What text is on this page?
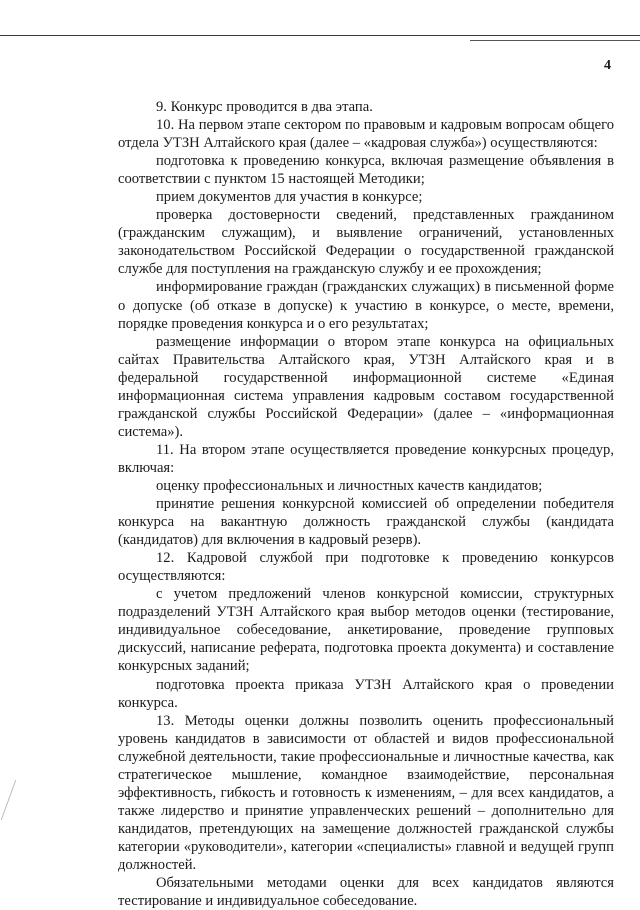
4

9. Конкурс проводится в два этапа.

10. На первом этапе сектором по правовым и кадровым вопросам общего отдела УТЗН Алтайского края (далее – «кадровая служба») осуществляются:

подготовка к проведению конкурса, включая размещение объявления в соответствии с пунктом 15 настоящей Методики;

прием документов для участия в конкурсе;

проверка достоверности сведений, представленных гражданином (гражданским служащим), и выявление ограничений, установленных законодательством Российской Федерации о государственной гражданской службе для поступления на гражданскую службу и ее прохождения;

информирование граждан (гражданских служащих) в письменной форме о допуске (об отказе в допуске) к участию в конкурсе, о месте, времени, порядке проведения конкурса и о его результатах;

размещение информации о втором этапе конкурса на официальных сайтах Правительства Алтайского края, УТЗН Алтайского края и в федеральной государственной информационной системе «Единая информационная система управления кадровым составом государственной гражданской службы Российской Федерации» (далее – «информационная система»).

11. На втором этапе осуществляется проведение конкурсных процедур, включая:

оценку профессиональных и личностных качеств кандидатов;

принятие решения конкурсной комиссией об определении победителя конкурса на вакантную должность гражданской службы (кандидата (кандидатов) для включения в кадровый резерв).

12. Кадровой службой при подготовке к проведению конкурсов осуществляются:

с учетом предложений членов конкурсной комиссии, структурных подразделений УТЗН Алтайского края выбор методов оценки (тестирование, индивидуальное собеседование, анкетирование, проведение групповых дискуссий, написание реферата, подготовка проекта документа) и составление конкурсных заданий;

подготовка проекта приказа УТЗН Алтайского края о проведении конкурса.

13. Методы оценки должны позволить оценить профессиональный уровень кандидатов в зависимости от областей и видов профессиональной служебной деятельности, такие профессиональные и личностные качества, как стратегическое мышление, командное взаимодействие, персональная эффективность, гибкость и готовность к изменениям, – для всех кандидатов, а также лидерство и принятие управленческих решений – дополнительно для кандидатов, претендующих на замещение должностей гражданской службы категории «руководители», категории «специалисты» главной и ведущей групп должностей.

Обязательными методами оценки для всех кандидатов являются тестирование и индивидуальное собеседование.
